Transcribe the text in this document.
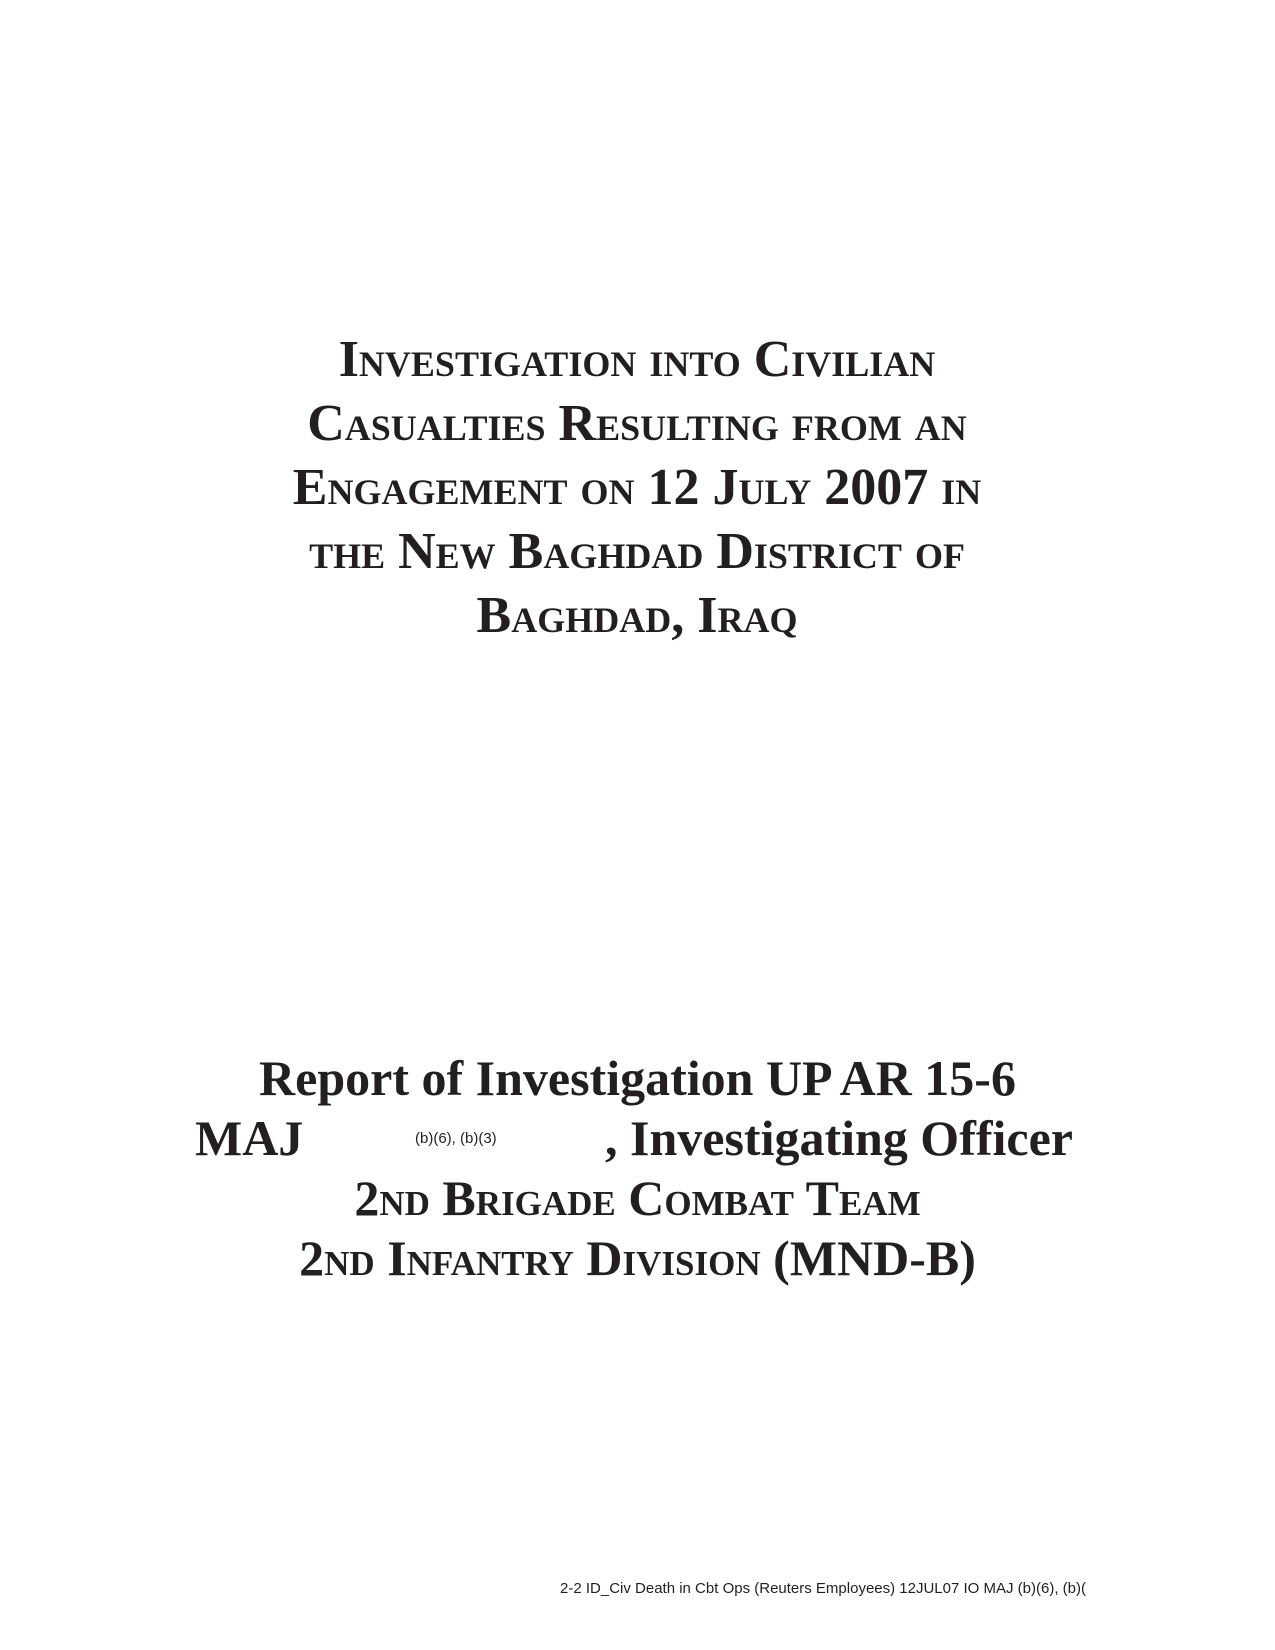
Investigation into Civilian
Casualties Resulting from an
Engagement on 12 July 2007 in
the New Baghdad District of
Baghdad, Iraq
Report of Investigation UP AR 15-6
MAJ	(b)(6), (b)(3) , Investigating Officer
2nd Brigade Combat Team
2nd Infantry Division (MND-B)
2-2 ID_Civ Death in Cbt Ops (Reuters Employees) 12JUL07 IO MAJ (b)(6), (b)(
